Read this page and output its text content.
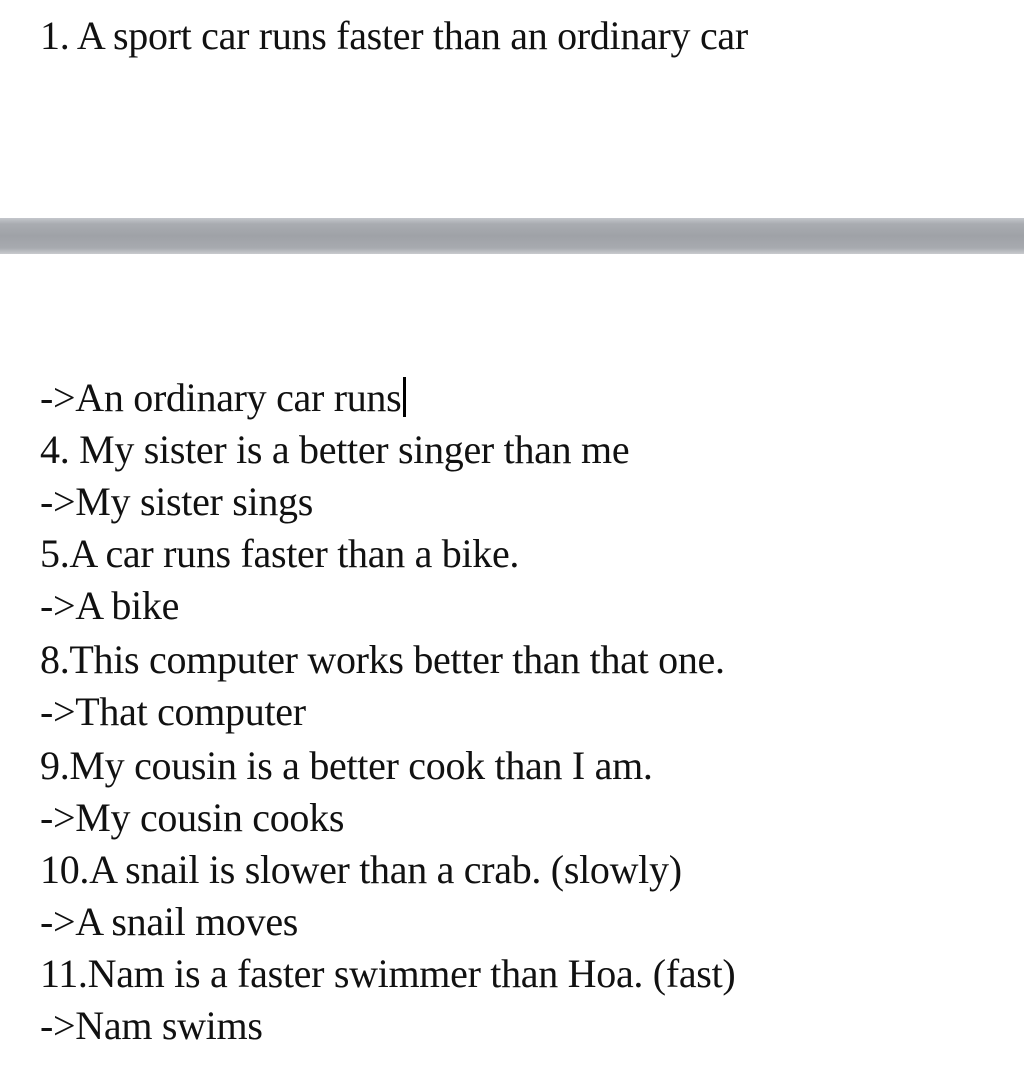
1. A sport car runs faster than an ordinary car
->An ordinary car runs
4. My sister is a better singer than me
->My sister sings
5.A car runs faster than a bike.
->A bike
8.This computer works better than that one.
->That computer
9.My cousin is a better cook than I am.
->My cousin cooks
10.A snail is slower than a crab. (slowly)
->A snail moves
11.Nam is a faster swimmer than Hoa. (fast)
->Nam swims
